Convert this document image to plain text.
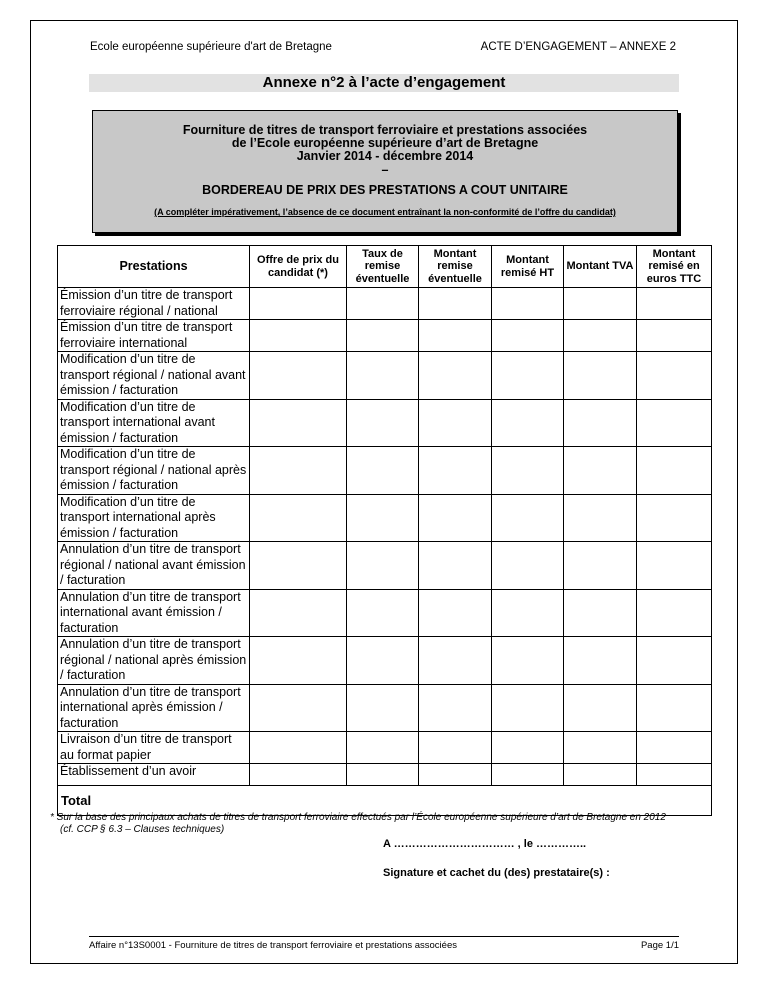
Ecole européenne supérieure d'art de Bretagne	ACTE D’ENGAGEMENT – ANNEXE 2
Annexe n°2 à l’acte d’engagement
Fourniture de titres de transport ferroviaire et prestations associées
de l’Ecole européenne supérieure d’art de Bretagne
Janvier 2014 - décembre 2014
–
BORDEREAU DE PRIX DES PRESTATIONS A COUT UNITAIRE
(A compléter impérativement, l’absence de ce document entraînant la non-conformité de l’offre du candidat)
Prestations	Offre de prix du candidat (*)	Taux de remise éventuelle	Montant remise éventuelle	Montant remisé HT	Montant TVA	Montant remisé en euros TTC
Émission d’un titre de transport ferroviaire régional / national						
Émission d’un titre de transport ferroviaire international						
Modification d’un titre de transport régional / national avant émission / facturation						
Modification d’un titre de transport international avant émission / facturation						
Modification d’un titre de transport régional / national après émission / facturation						
Modification d’un titre de transport international après émission / facturation						
Annulation d’un titre de transport régional / national avant émission / facturation						
Annulation d’un titre de transport international avant émission / facturation						
Annulation d’un titre de transport régional / national après émission / facturation						
Annulation d’un titre de transport international après émission / facturation						
Livraison d’un titre de transport au format papier						
Établissement d’un avoir						
Total						
* Sur la base des principaux achats de titres de transport ferroviaire effectués par l’École européenne supérieure d’art de Bretagne en 2012
(cf. CCP § 6.3 – Clauses techniques)
A …………………………… , le …………..
Signature et cachet du (des) prestataire(s) :
Affaire n°13S0001 - Fourniture de titres de transport ferroviaire et prestations associées	Page 1/1
